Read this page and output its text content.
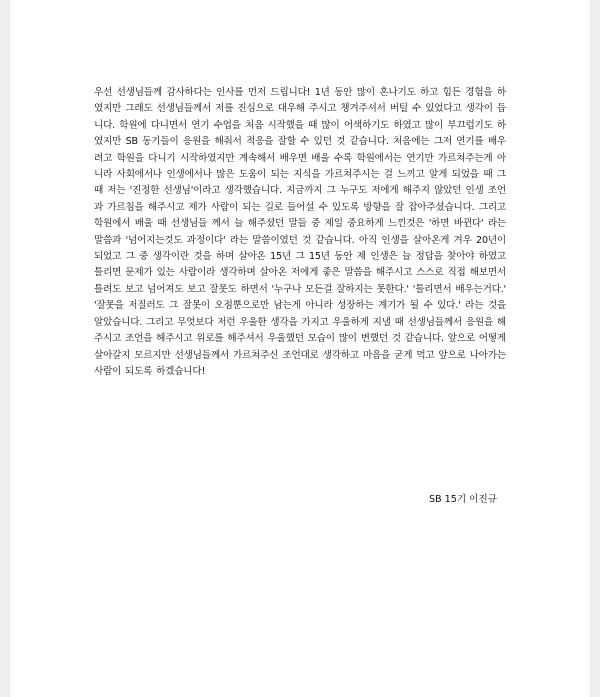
우선 선생님들께 감사하다는 인사를 먼저 드립니다! 1년 동안 많이 혼나기도 하고 힘든 경험을 하였지만 그래도 선생님들께서 저를 진심으로 대우해 주시고 챙겨주셔서 버틸 수 있었다고 생각이 듭니다. 학원에 다니면서 연기 수업을 처음 시작했을 때 많이 어색하기도 하였고 많이 부끄럽기도 하였지만 SB 동기들이 응원을 해줘서 적응을 잘할 수 있던 것 같습니다. 처음에는 그저 연기를 배우려고 학원을 다니기 시작하였지만 계속해서 배우면 배울 수록 학원에서는 연기만 가르쳐주는게 아니라 사회에서나 인생에서나 많은 도움이 되는 지식을 가르쳐주시는 걸 느끼고 알게 되었을 때 그때 저는 '진정한 선생님'이라고 생각했습니다. 지금까지 그 누구도 저에게 해주지 않았던 인생 조언과 가르침을 해주시고 제가 사람이 되는 길로 들어설 수 있도록 방향을 잘 잡아주셨습니다. 그리고 학원에서 배울 때 선생님들 께서 늘 해주셨던 말들 중 제일 중요하게 느낀것은 '하면 바뀐다' 라는 말씀과 '넘어지는것도 과정이다' 라는 말씀이였던 것 같습니다. 아직 인생을 살아온게 겨우 20년이 되었고 그 중 생각이란 것을 하며 살아온 15년 그 15년 동안 제 인생은 늘 정답을 찾아야 하였고 틀리면 문제가 있는 사람이라 생각하며 살아온 저에게 좋은 말씀을 해주시고 스스로 직접 해보면서 틀려도 보고 넘어져도 보고 잘못도 하면서 '누구나 모든걸 잘하지는 못한다.' '틀리면서 배우는거다.' '잘못을 저질러도 그 잘못이 오점뿐으로만 남는게 아니라 성장하는 계기가 될 수 있다.' 라는 것을 알았습니다. 그리고 무엇보다 저런 우울한 생각을 가지고 우울하게 지낼 때 선생님들께서 응원을 해주시고 조언을 해주시고 위로를 해주셔서 우울했던 모습이 많이 변했던 것 같습니다. 앞으로 어떻게 살아갈지 모르지만 선생님들께서 가르쳐주신 조언대로 생각하고 마음을 굳게 먹고 앞으로 나아가는 사람이 되도록 하겠습니다!

SB 15기 이진규
